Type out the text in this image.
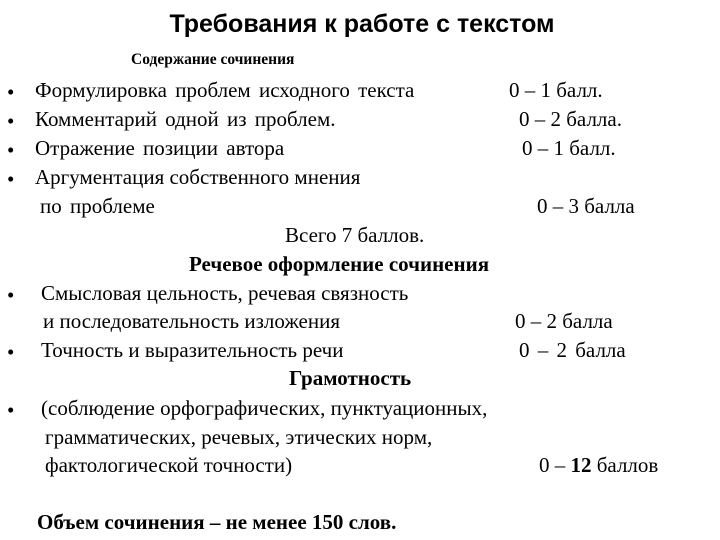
Требования к работе с текстом
Содержание сочинения
• Формулировка проблем исходного текста	0 – 1 балл.
• Комментарий одной из проблем.	0 – 2 балла.
• Отражение позиции автора	0 – 1 балл.
• Аргументация собственного мнения
по проблеме	0 – 3 балла
Всего 7 баллов.
Речевое оформление сочинения
• Смысловая цельность, речевая связность
и последовательность изложения	0 – 2 балла
• Точность и выразительность речи	0 – 2 балла
Грамотность
• (соблюдение орфографических, пунктуационных,
грамматических, речевых, этических норм,
фактологической точности)	0 – 12 баллов
Объем сочинения – не менее 150 слов.
